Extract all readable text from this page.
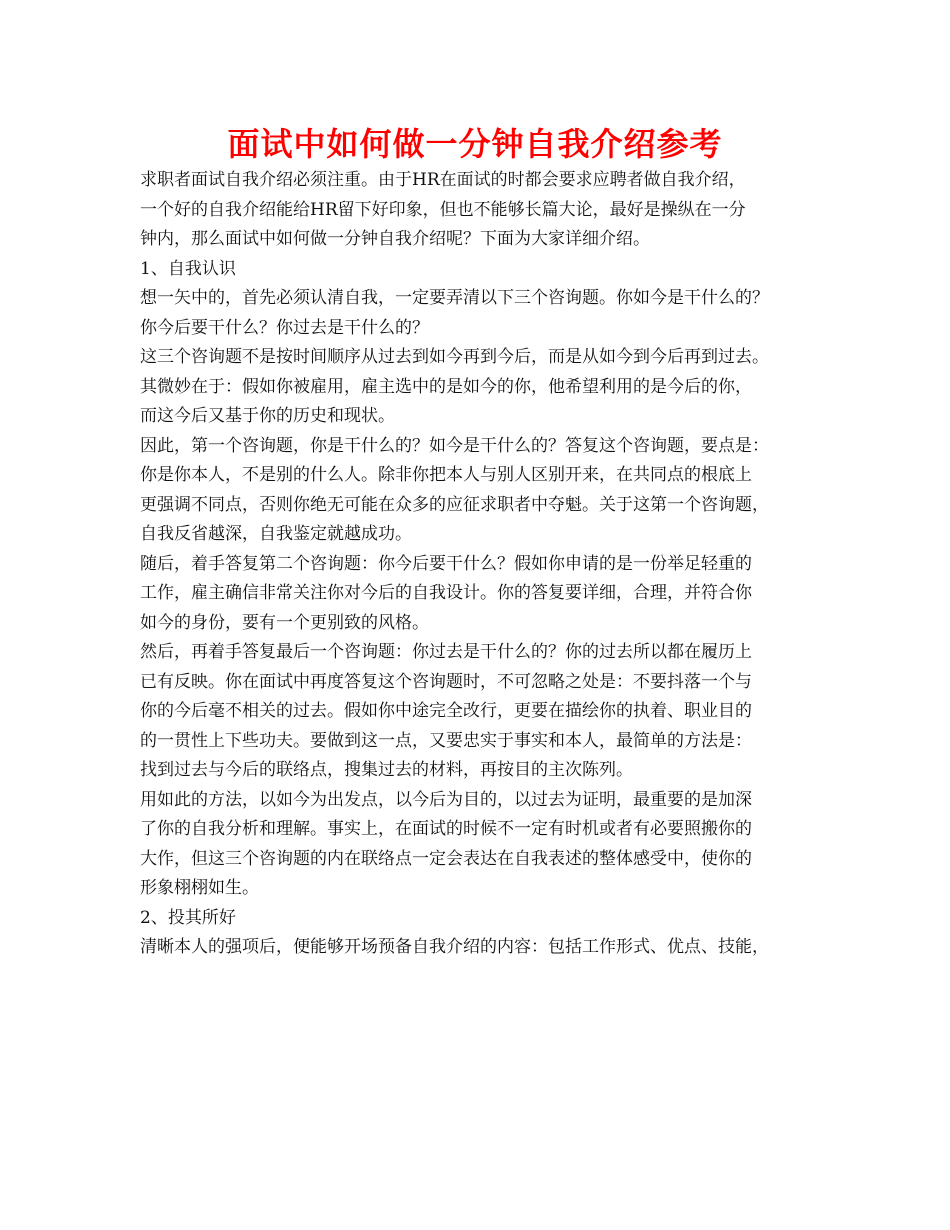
面试中如何做一分钟自我介绍参考
求职者面试自我介绍必须注重。由于HR在面试的时都会要求应聘者做自我介绍，
一个好的自我介绍能给HR留下好印象，但也不能够长篇大论，最好是操纵在一分
钟内，那么面试中如何做一分钟自我介绍呢？下面为大家详细介绍。
1、自我认识
想一矢中的，首先必须认清自我，一定要弄清以下三个咨询题。你如今是干什么的？
你今后要干什么？你过去是干什么的？
这三个咨询题不是按时间顺序从过去到如今再到今后，而是从如今到今后再到过去。
其微妙在于：假如你被雇用，雇主选中的是如今的你，他希望利用的是今后的你，
而这今后又基于你的历史和现状。
因此，第一个咨询题，你是干什么的？如今是干什么的？答复这个咨询题，要点是：
你是你本人，不是别的什么人。除非你把本人与别人区别开来，在共同点的根底上
更强调不同点，否则你绝无可能在众多的应征求职者中夺魁。关于这第一个咨询题，
自我反省越深，自我鉴定就越成功。
随后，着手答复第二个咨询题：你今后要干什么？假如你申请的是一份举足轻重的
工作，雇主确信非常关注你对今后的自我设计。你的答复要详细，合理，并符合你
如今的身份，要有一个更别致的风格。
然后，再着手答复最后一个咨询题：你过去是干什么的？你的过去所以都在履历上
已有反映。你在面试中再度答复这个咨询题时，不可忽略之处是：不要抖落一个与
你的今后毫不相关的过去。假如你中途完全改行，更要在描绘你的执着、职业目的
的一贯性上下些功夫。要做到这一点，又要忠实于事实和本人，最简单的方法是：
找到过去与今后的联络点，搜集过去的材料，再按目的主次陈列。
用如此的方法，以如今为出发点，以今后为目的，以过去为证明，最重要的是加深
了你的自我分析和理解。事实上，在面试的时候不一定有时机或者有必要照搬你的
大作，但这三个咨询题的内在联络点一定会表达在自我表述的整体感受中，使你的
形象栩栩如生。
2、投其所好
清晰本人的强项后，便能够开场预备自我介绍的内容：包括工作形式、优点、技能，
